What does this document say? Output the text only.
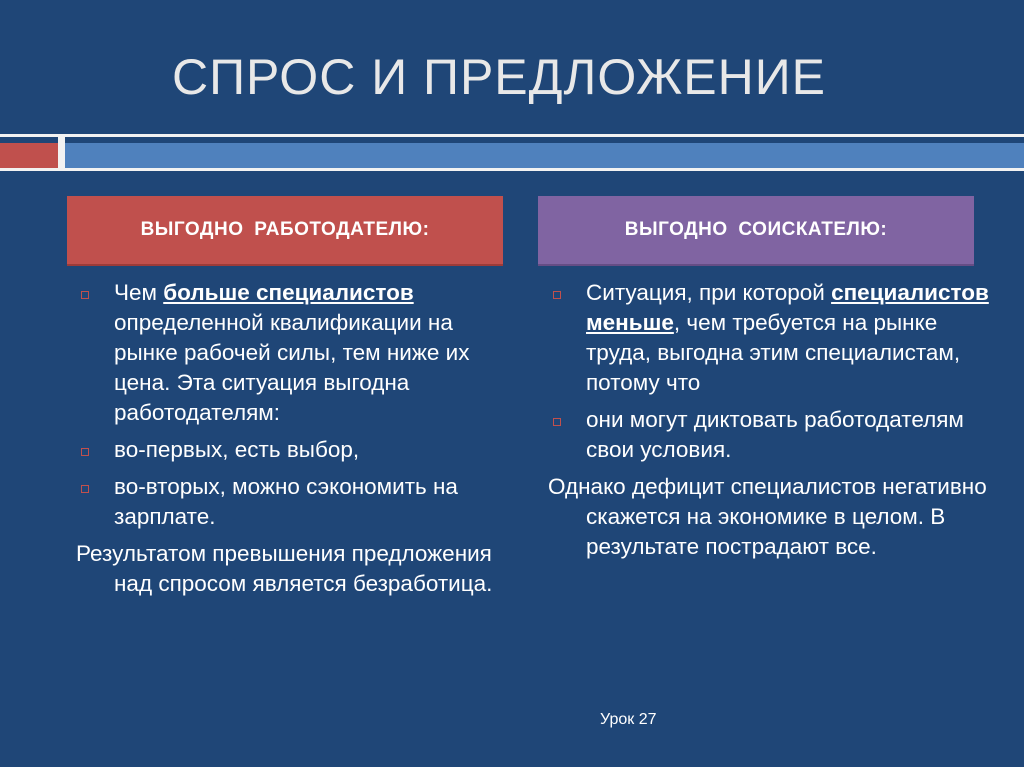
СПРОС И ПРЕДЛОЖЕНИЕ
ВЫГОДНО РАБОТОДАТЕЛЮ:	ВЫГОДНО СОИСКАТЕЛЮ:
Чем больше специалистов определенной квалификации на рынке рабочей силы, тем ниже их цена. Эта ситуация выгодна работодателям:
во-первых, есть выбор,
во-вторых, можно сэкономить на зарплате.
Результатом превышения предложения над спросом является безработица.
Ситуация, при которой специалистов меньше, чем требуется на рынке труда, выгодна этим специалистам, потому что
они могут диктовать работодателям свои условия.
Однако дефицит специалистов негативно скажется на экономике в целом. В результате пострадают все.
Урок 27
